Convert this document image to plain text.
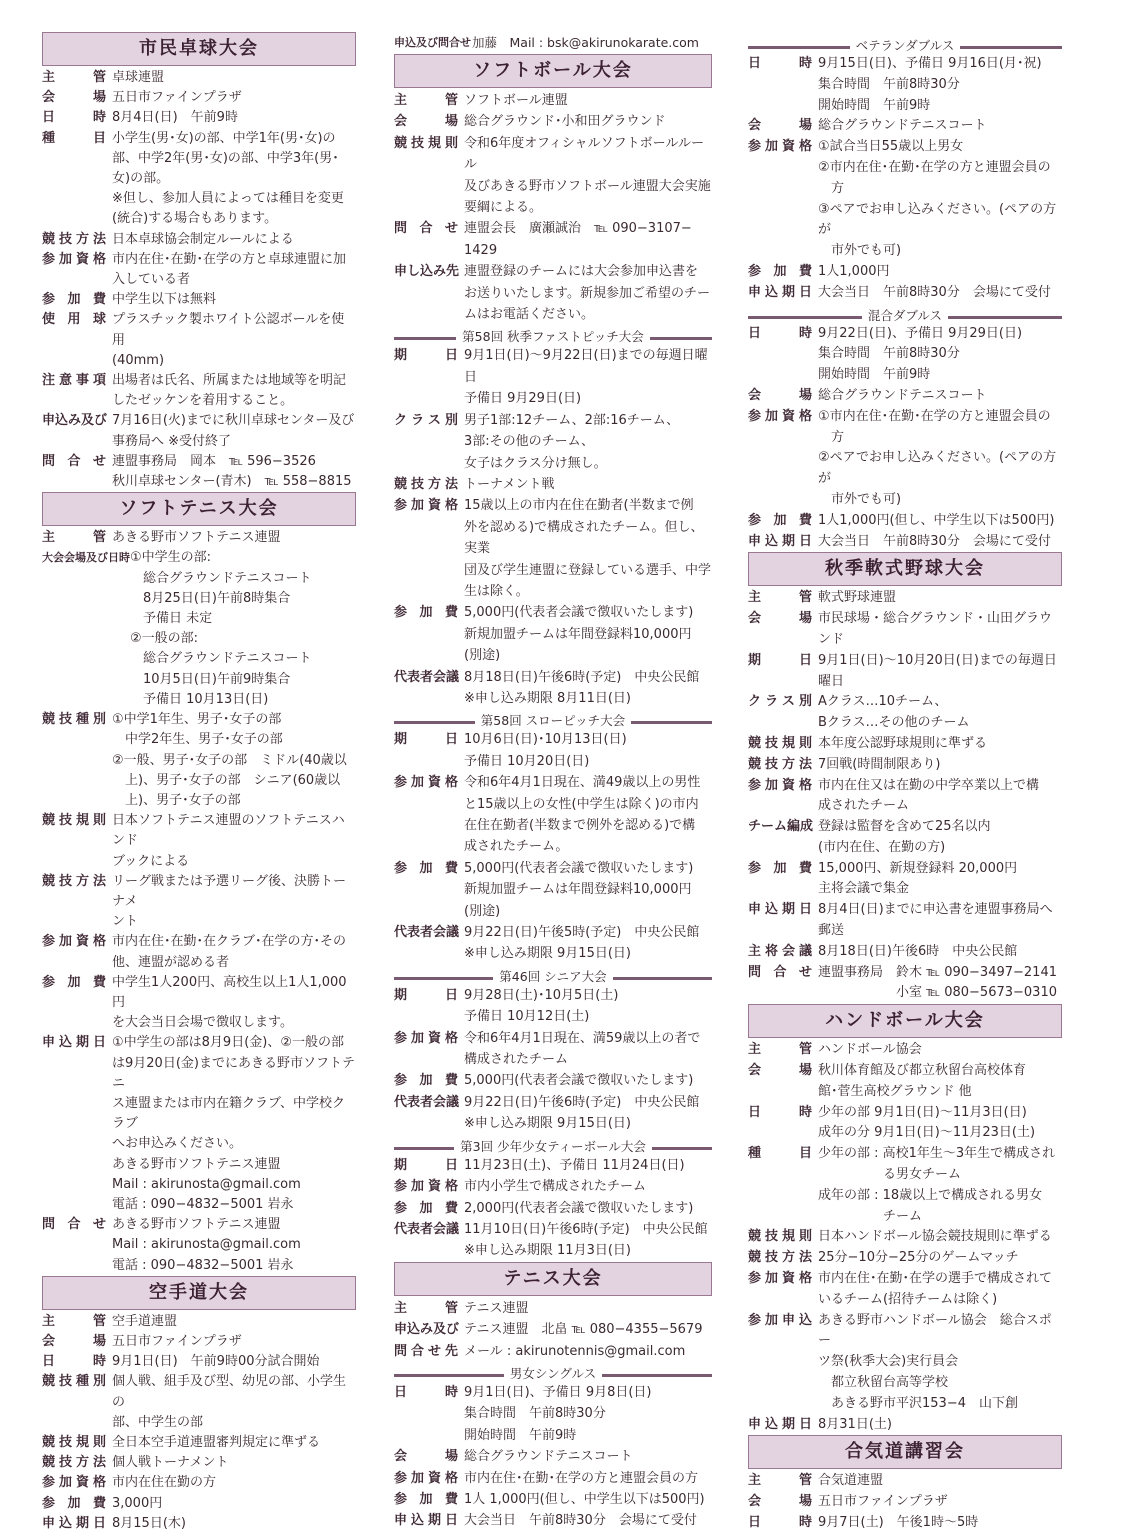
市民卓球大会
主　管 卓球連盟
会　場 五日市ファインプラザ
日　時 8月4日(日)　午前9時
種　目 小学生(男･女)の部、中学1年(男･女)の
部、中学2年(男･女)の部、中学3年(男･
女)の部。
※但し、参加人員によっては種目を変更
(統合)する場合もあります。
競技方法 日本卓球協会制定ルールによる
参加資格 市内在住･在勤･在学の方と卓球連盟に加
入している者
参加費 中学生以下は無料
使用球 プラスチック製ホワイト公認ボールを使用
(40mm)
注意事項 出場者は氏名、所属または地域等を明記
したゼッケンを着用すること。
申込み及び 7月16日(火)までに秋川卓球センター及び
事務局へ ※受付終了
問合せ 連盟事務局　岡本　℡ 596−3526
秋川卓球センター(青木)　℡ 558−8815
ソフトテニス大会
主　管 あきる野市ソフトテニス連盟
大会会場及び日時 ①中学生の部:
　総合グラウンドテニスコート
　8月25日(日)午前8時集合
　予備日 未定
②一般の部:
　総合グラウンドテニスコート
　10月5日(日)午前9時集合
　予備日 10月13日(日)
競技種別 ①中学1年生、男子･女子の部
　中学2年生、男子･女子の部
②一般、男子･女子の部　ミドル(40歳以
　上)、男子･女子の部　シニア(60歳以
　上)、男子･女子の部
競技規則 日本ソフトテニス連盟のソフトテニスハンド
ブックによる
競技方法 リーグ戦または予選リーグ後、決勝トーナメ
ント
参加資格 市内在住･在勤･在クラブ･在学の方･その
他、連盟が認める者
参加費 中学生1人200円、高校生以上1人1,000円
を大会当日会場で徴収します。
申込期日 ①中学生の部は8月9日(金)、②一般の部
は9月20日(金)までにあきる野市ソフトテニ
ス連盟または市内在籍クラブ、中学校クラブ
へお申込みください。
あきる野市ソフトテニス連盟
Mail : akirunosta@gmail.com
電話 : 090−4832−5001 岩永
問合せ あきる野市ソフトテニス連盟
Mail : akirunosta@gmail.com
電話 : 090−4832−5001 岩永
空手道大会
主　管 空手道連盟
会　場 五日市ファインプラザ
日　時 9月1日(日)　午前9時00分試合開始
競技種別 個人戦、組手及び型、幼児の部、小学生の
部、中学生の部
競技規則 全日本空手道連盟審判規定に準ずる
競技方法 個人戦トーナメント
参加資格 市内在住在勤の方
参加費 3,000円
申込期日 8月15日(木)
申込及び問合せ 加藤　Mail : bsk@akirunokarate.com
ソフトボール大会
主　管 ソフトボール連盟
会　場 総合グラウンド･小和田グラウンド
競技規則 令和6年度オフィシャルソフトボールルール
及びあきる野市ソフトボール連盟大会実施
要綱による。
問合せ 連盟会長　廣瀬誠治　℡ 090−3107−
1429
申し込み先 連盟登録のチームには大会参加申込書を
お送りいたします。新規参加ご希望のチー
ムはお電話ください。
第58回 秋季ファストピッチ大会
期　日 9月1日(日)〜9月22日(日)までの毎週日曜日
予備日 9月29日(日)
クラス別 男子1部:12チーム、2部:16チーム、
3部:その他のチーム、
女子はクラス分け無し。
競技方法 トーナメント戦
参加資格 15歳以上の市内在住在勤者(半数まで例
外を認める)で構成されたチーム。但し、実業
団及び学生連盟に登録している選手、中学
生は除く。
参加費 5,000円(代表者会議で徴収いたします)
新規加盟チームは年間登録料10,000円
(別途)
代表者会議 8月18日(日)午後6時(予定)　中央公民館
※申し込み期限 8月11日(日)
第58回 スローピッチ大会
期　日 10月6日(日)･10月13日(日)
予備日 10月20日(日)
参加資格 令和6年4月1日現在、満49歳以上の男性
と15歳以上の女性(中学生は除く)の市内
在住在勤者(半数まで例外を認める)で構
成されたチーム。
参加費 5,000円(代表者会議で徴収いたします)
新規加盟チームは年間登録料10,000円
(別途)
代表者会議 9月22日(日)午後5時(予定)　中央公民館
※申し込み期限 9月15日(日)
第46回 シニア大会
期　日 9月28日(土)･10月5日(土)
予備日 10月12日(土)
参加資格 令和6年4月1日現在、満59歳以上の者で
構成されたチーム
参加費 5,000円(代表者会議で徴収いたします)
代表者会議 9月22日(日)午後6時(予定)　中央公民館
※申し込み期限 9月15日(日)
第3回 少年少女ティーボール大会
期　日 11月23日(土)、予備日 11月24日(日)
参加資格 市内小学生で構成されたチーム
参加費 2,000円(代表者会議で徴収いたします)
代表者会議 11月10日(日)午後6時(予定)　中央公民館
※申し込み期限 11月3日(日)
テニス大会
主　管 テニス連盟
申込み及び テニス連盟　北畠 ℡ 080−4355−5679
問合せ先 メール : akirunotennis@gmail.com
男女シングルス
日　時 9月1日(日)、予備日 9月8日(日)
集合時間　午前8時30分
開始時間　午前9時
会　場 総合グラウンドテニスコート
参加資格 市内在住･在勤･在学の方と連盟会員の方
参加費 1人 1,000円(但し、中学生以下は500円)
申込期日 大会当日　午前8時30分　会場にて受付
ベテランダブルス
日　時 9月15日(日)、予備日 9月16日(月･祝)
集合時間　午前8時30分
開始時間　午前9時
会　場 総合グラウンドテニスコート
参加資格 ①試合当日55歳以上男女
②市内在住･在勤･在学の方と連盟会員の
　方
③ペアでお申し込みください。(ペアの方が
　市外でも可)
参加費 1人1,000円
申込期日 大会当日　午前8時30分　会場にて受付
混合ダブルス
日　時 9月22日(日)、予備日 9月29日(日)
集合時間　午前8時30分
開始時間　午前9時
会　場 総合グラウンドテニスコート
参加資格 ①市内在住･在勤･在学の方と連盟会員の
　方
②ペアでお申し込みください。(ペアの方が
　市外でも可)
参加費 1人1,000円(但し、中学生以下は500円)
申込期日 大会当日　午前8時30分　会場にて受付
秋季軟式野球大会
主　管 軟式野球連盟
会　場 市民球場・総合グラウンド・山田グラウンド
期　日 9月1日(日)〜10月20日(日)までの毎週日曜日
クラス別 Aクラス…10チーム、
Bクラス…その他のチーム
競技規則 本年度公認野球規則に準ずる
競技方法 7回戦(時間制限あり)
参加資格 市内在住又は在勤の中学卒業以上で構
成されたチーム
チーム編成 登録は監督を含めて25名以内
(市内在住、在勤の方)
参加費 15,000円、新規登録料 20,000円
主将会議で集金
申込期日 8月4日(日)までに申込書を連盟事務局へ
郵送
主将会議 8月18日(日)午後6時　中央公民館
問合せ 連盟事務局　鈴木 ℡ 090−3497−2141
　　　　　　小室 ℡ 080−5673−0310
ハンドボール大会
主　管 ハンドボール協会
会　場 秋川体育館及び都立秋留台高校体育
館･菅生高校グラウンド 他
日　時 少年の部 9月1日(日)〜11月3日(日)
成年の分 9月1日(日)〜11月23日(土)
種　目 少年の部 : 高校1年生〜3年生で構成され
　　　　　る男女チーム
成年の部 : 18歳以上で構成される男女
　　　　　チーム
競技規則 日本ハンドボール協会競技規則に準ずる
競技方法 25分−10分−25分のゲームマッチ
参加資格 市内在住･在勤･在学の選手で構成されて
いるチーム(招待チームは除く)
参加申込 あきる野市ハンドボール協会　総合スポー
ツ祭(秋季大会)実行員会
　都立秋留台高等学校
　あきる野市平沢153−4　山下創
申込期日 8月31日(土)
合気道講習会
主　管 合気道連盟
会　場 五日市ファインプラザ
日　時 9月7日(土)　午後1時〜5時
